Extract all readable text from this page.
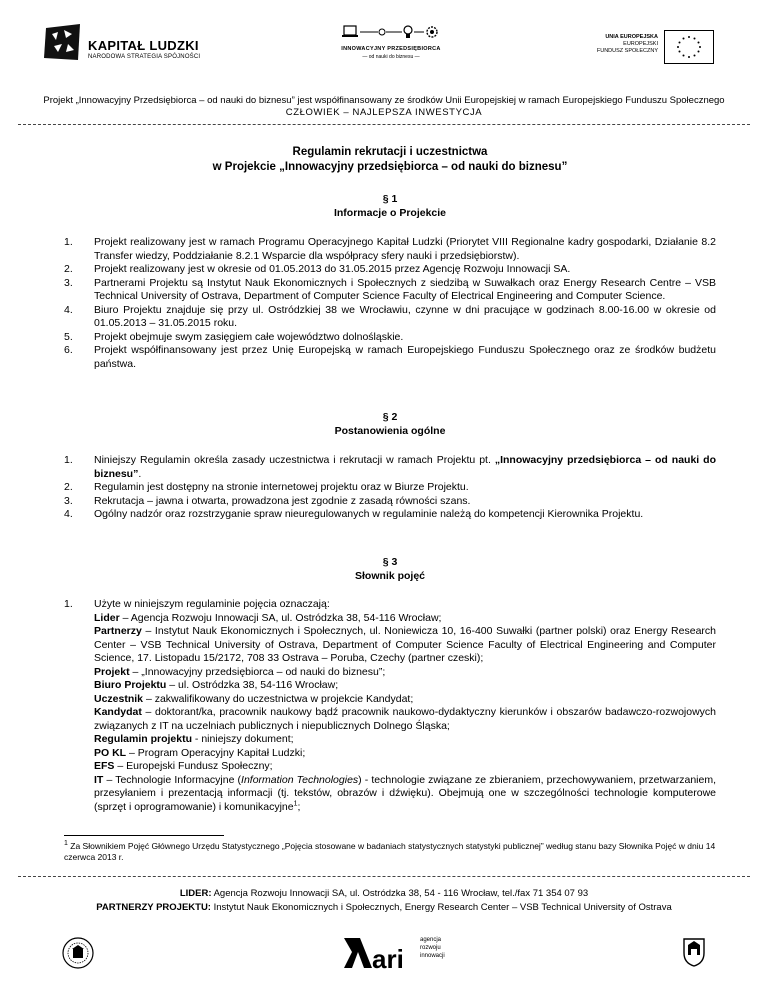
KAPITAŁ LUDZKI
NARODOWA STRATEGIA SPÓJNOŚCI
INNOWACYJNY PRZEDSIĘBIORCA
— od nauki do biznesu —
UNIA EUROPEJSKA
EUROPEJSKI
FUNDUSZ SPOŁECZNY
Projekt „Innowacyjny Przedsiębiorca – od nauki do biznesu” jest współfinansowany ze środków Unii Europejskiej w ramach Europejskiego Funduszu Społecznego
CZŁOWIEK – NAJLEPSZA INWESTYCJA
Regulamin rekrutacji i uczestnictwa
w Projekcie „Innowacyjny przedsiębiorca – od nauki do biznesu”
§ 1
Informacje o Projekcie
1. Projekt realizowany jest w ramach Programu Operacyjnego Kapitał Ludzki (Priorytet VIII Regionalne kadry gospodarki, Działanie 8.2 Transfer wiedzy, Poddziałanie 8.2.1 Wsparcie dla współpracy sfery nauki i przedsiębiorstw).
2. Projekt realizowany jest w okresie od 01.05.2013 do 31.05.2015 przez Agencję Rozwoju Innowacji SA.
3. Partnerami Projektu są Instytut Nauk Ekonomicznych i Społecznych z siedzibą w Suwałkach oraz Energy Research Centre – VSB Technical University of Ostrava, Department of Computer Science Faculty of Electrical Engineering and Computer Science.
4. Biuro Projektu znajduje się przy ul. Ostródzkiej 38 we Wrocławiu, czynne w dni pracujące w godzinach 8.00-16.00 w okresie od 01.05.2013 – 31.05.2015 roku.
5. Projekt obejmuje swym zasięgiem całe województwo dolnośląskie.
6. Projekt współfinansowany jest przez Unię Europejską w ramach Europejskiego Funduszu Społecznego oraz ze środków budżetu państwa.
§ 2
Postanowienia ogólne
1. Niniejszy Regulamin określa zasady uczestnictwa i rekrutacji w ramach Projektu pt. „Innowacyjny przedsiębiorca – od nauki do biznesu”.
2. Regulamin jest dostępny na stronie internetowej projektu oraz w Biurze Projektu.
3. Rekrutacja – jawna i otwarta, prowadzona jest zgodnie z zasadą równości szans.
4. Ogólny nadzór oraz rozstrzyganie spraw nieuregulowanych w regulaminie należą do kompetencji Kierownika Projektu.
§ 3
Słownik pojęć
1. Użyte w niniejszym regulaminie pojęcia oznaczają:

Lider – Agencja Rozwoju Innowacji SA, ul. Ostródzka 38, 54-116 Wrocław;

Partnerzy – Instytut Nauk Ekonomicznych i Społecznych, ul. Noniewicza 10, 16-400 Suwałki (partner polski) oraz Energy Research Center – VSB Technical University of Ostrava, Department of Computer Science Faculty of Electrical Engineering and Computer Science, 17. Listopadu 15/2172, 708 33 Ostrava – Poruba, Czechy (partner czeski);

Projekt – „Innowacyjny przedsiębiorca – od nauki do biznesu”;

Biuro Projektu – ul. Ostródzka 38, 54-116 Wrocław;

Uczestnik – zakwalifikowany do uczestnictwa w projekcie Kandydat;

Kandydat – doktorant/ka, pracownik naukowy bądź pracownik naukowo-dydaktyczny kierunków i obszarów badawczo-rozwojowych związanych z IT na uczelniach publicznych i niepublicznych Dolnego Śląska;

Regulamin projektu - niniejszy dokument;

PO KL – Program Operacyjny Kapitał Ludzki;

EFS – Europejski Fundusz Społeczny;

IT – Technologie Informacyjne (Information Technologies) - technologie związane ze zbieraniem, przechowywaniem, przetwarzaniem, przesyłaniem i prezentacją informacji (tj. tekstów, obrazów i dźwięku). Obejmują one w szczególności technologie komputerowe (sprzęt i oprogramowanie) i komunikacyjne$^1$;

$^1$ Za Słownikiem Pojęć Głównego Urzędu Statystycznego „Pojęcia stosowane w badaniach statystycznych statystyki publicznej” według stanu bazy Słownika Pojęć w dniu 14 czerwca 2013 r.
LIDER: Agencja Rozwoju Innowacji SA, ul. Ostródzka 38, 54 - 116 Wrocław, tel./fax 71 354 07 93
PARTNERZY PROJEKTU: Instytut Nauk Ekonomicznych i Społecznych, Energy Research Center – VSB Technical University of Ostrava
ari
agencja
rozwoju
innowacji
